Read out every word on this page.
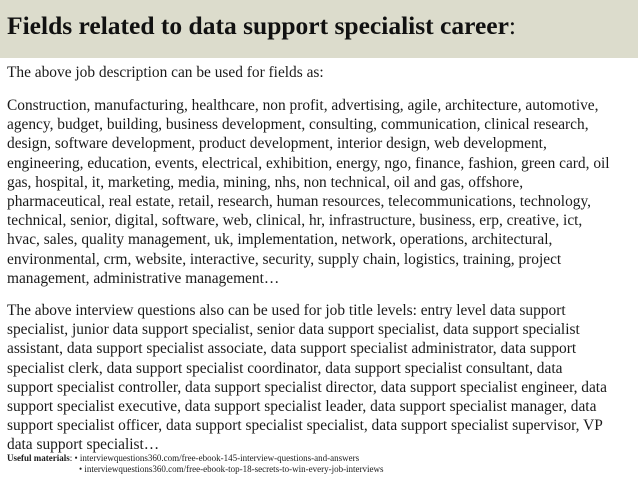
Fields related to data support specialist career:

The above job description can be used for fields as:

Construction, manufacturing, healthcare, non profit, advertising, agile, architecture, automotive,
agency, budget, building, business development, consulting, communication, clinical research,
design, software development, product development, interior design, web development,
engineering, education, events, electrical, exhibition, energy, ngo, finance, fashion, green card, oil
gas, hospital, it, marketing, media, mining, nhs, non technical, oil and gas, offshore,
pharmaceutical, real estate, retail, research, human resources, telecommunications, technology,
technical, senior, digital, software, web, clinical, hr, infrastructure, business, erp, creative, ict,
hvac, sales, quality management, uk, implementation, network, operations, architectural,
environmental, crm, website, interactive, security, supply chain, logistics, training, project
management, administrative management…

The above interview questions also can be used for job title levels: entry level data support
specialist, junior data support specialist, senior data support specialist, data support specialist
assistant, data support specialist associate, data support specialist administrator, data support
specialist clerk, data support specialist coordinator, data support specialist consultant, data
support specialist controller, data support specialist director, data support specialist engineer, data
support specialist executive, data support specialist leader, data support specialist manager, data
support specialist officer, data support specialist specialist, data support specialist supervisor, VP
data support specialist…

Useful materials: • interviewquestions360.com/free-ebook-145-interview-questions-and-answers
• interviewquestions360.com/free-ebook-top-18-secrets-to-win-every-job-interviews
